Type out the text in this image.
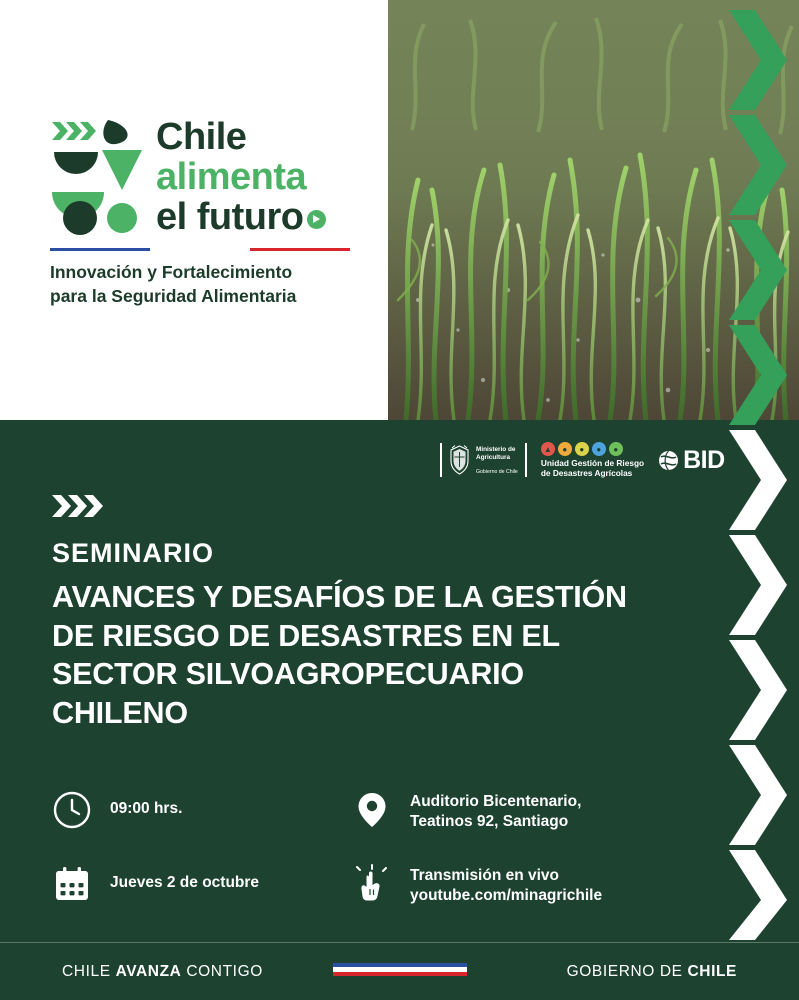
Chile
alimenta
el futuro
Innovación y Fortalecimiento
para la Seguridad Alimentaria
Ministerio de
Agricultura
Gobierno de Chile
▲	●	●	●	●
Unidad Gestión de Riesgo
de Desastres Agrícolas	BID
SEMINARIO
AVANCES Y DESAFÍOS DE LA GESTIÓN
DE RIESGO DE DESASTRES EN EL
SECTOR SILVOAGROPECUARIO
CHILENO
09:00 hrs.	Auditorio Bicentenario,
Teatinos 92, Santiago
Jueves 2 de octubre	Transmisión en vivo
youtube.com/minagrichile
CHILE AVANZA CONTIGO	GOBIERNO DE CHILE
